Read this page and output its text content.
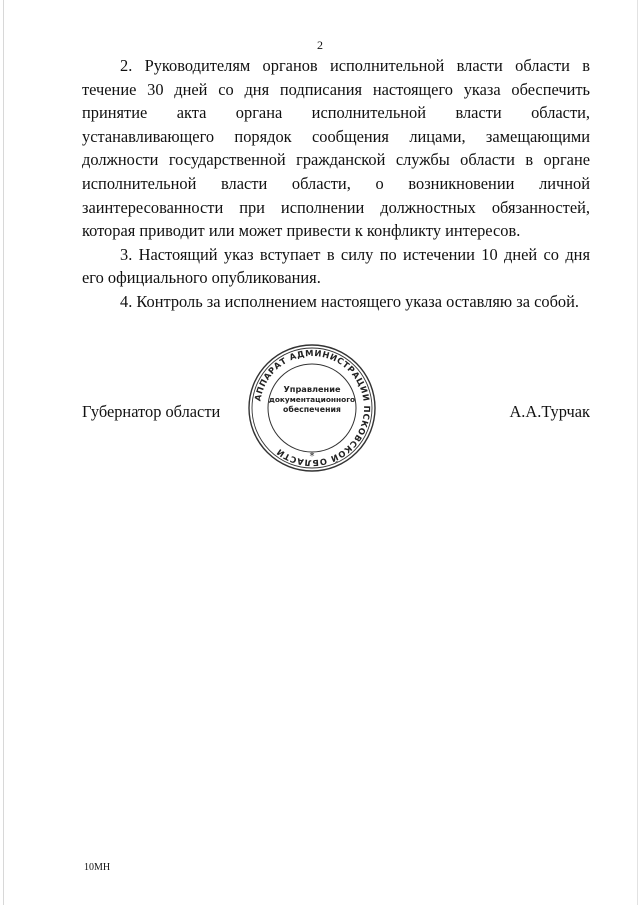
2

2. Руководителям органов исполнительной власти области в течение 30 дней со дня подписания настоящего указа обеспечить принятие акта органа исполнительной власти области, устанавливающего порядок сообщения лицами, замещающими должности государственной гражданской службы области в органе исполнительной власти области, о возникновении личной заинтересованности при исполнении должностных обязанностей, которая приводит или может привести к конфликту интересов.

3. Настоящий указ вступает в силу по истечении 10 дней со дня его официального опубликования.

4. Контроль за исполнением настоящего указа оставляю за собой.

Губернатор области	А.А.Турчак
АППАРАТ АДМИНИСТРАЦИИ ПСКОВСКОЙ ОБЛАСТИ
Управление
документационного
обеспечения
*
10МН
